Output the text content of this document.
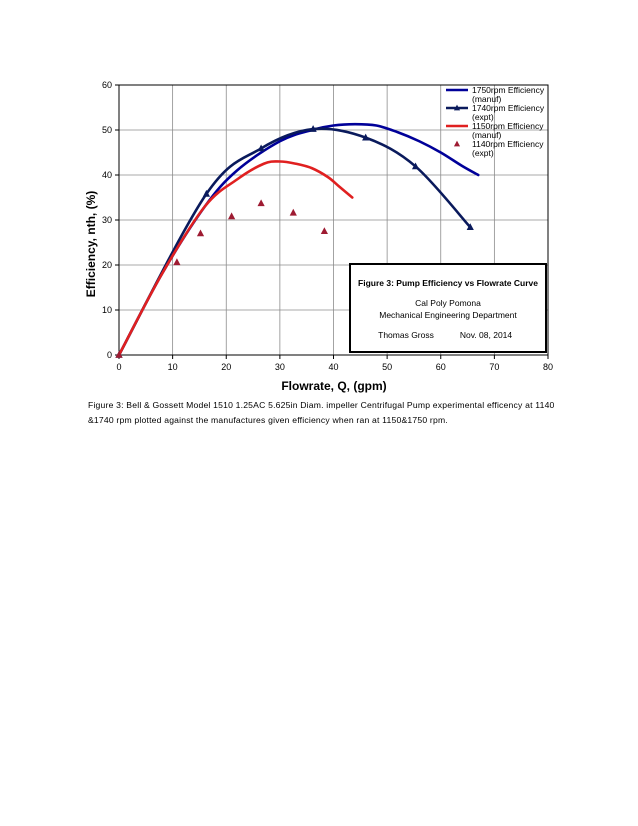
0	10	20	30	40	50	60	70	80
0
10
20
30
40
50
60
Flowrate, Q, (gpm)
Efficiency, nth, (%)
1750rpm Efficiency
(manuf)
1740rpm Efficiency
(expt)
1150rpm Efficiency
(manuf)
1140rpm Efficiency
(expt)
Figure 3: Pump Efficiency vs Flowrate Curve
Cal Poly Pomona
Mechanical Engineering Department
Thomas Gross	Nov. 08, 2014
Figure 3: Bell & Gossett Model 1510 1.25AC 5.625in Diam. impeller Centrifugal Pump experimental efficency at 1140 &1740 rpm plotted against the manufactures given efficiency when ran at 1150&1750 rpm.
